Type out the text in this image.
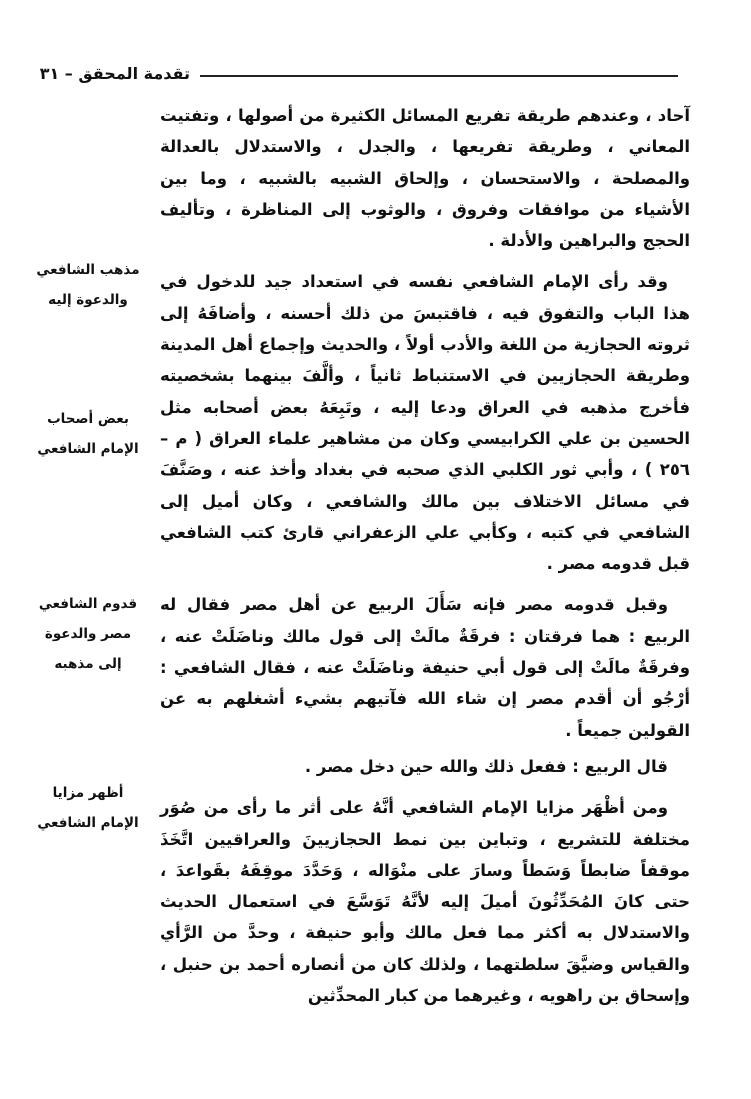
تقدمة المحقق – ٣١

آحاد ، وعندهم طريقة تفريع المسائل الكثيرة من أصولها ، وتفتيت المعاني ، وطريقة تفريعها ، والجدل ، والاستدلال بالعدالة والمصلحة ، والاستحسان ، وإلحاق الشبيه بالشبيه ، وما بين الأشياء من موافقات وفروق ، والوثوب إلى المناظرة ، وتأليف الحجج والبراهين والأدلة .

وقد رأى الإمام الشافعي نفسه في استعداد جيد للدخول في هذا الباب والتفوق فيه ، فاقتبسَ من ذلك أحسنه ، وأضافَهُ إلى ثروته الحجازية من اللغة والأدب أولاً ، والحديث وإجماع أهل المدينة وطريقة الحجازيين في الاستنباط ثانياً ، وألَّفَ بينهما بشخصيته فأخرج مذهبه في العراق ودعا إليه ، وتَبِعَهُ بعض أصحابه مثل الحسين بن علي الكرابيسي وكان من مشاهير علماء العراق ( م – ٢٥٦ ) ، وأبي ثور الكلبي الذي صحبه في بغداد وأخذ عنه ، وصَنَّفَ في مسائل الاختلاف بين مالك والشافعي ، وكان أميل إلى الشافعي في كتبه ، وكأبي علي الزعفراني قارئ كتب الشافعي قبل قدومه مصر .

وقبل قدومه مصر فإنه سَأَلَ الربيع عن أهل مصر فقال له الربيع : هما فرقتان : فرقَةٌ مالَتْ إلى قول مالك وناضَلَتْ عنه ، وفرقَةٌ مالَتْ إلى قول أبي حنيفة وناضَلَتْ عنه ، فقال الشافعي : أرْجُو أن أقدم مصر إن شاء الله فآتيهم بشيء أشغلهم به عن القولين جميعاً .

قال الربيع : ففعل ذلك والله حين دخل مصر .

ومن أظْهَر مزايا الإمام الشافعي أنَّهُ على أثر ما رأى من صُوَر مختلفة للتشريع ، وتباين بين نمط الحجازيينَ والعراقيين اتَّخَذَ موقفاً ضابطاً وَسَطاً وسارَ على منْوَاله ، وَحَدَّدَ موقِفَهُ بقَواعدَ ، حتى كانَ المُحَدِّثُونَ أميلَ إليه لأنَّهُ تَوَسَّعَ في استعمال الحديث والاستدلال به أكثر مما فعل مالك وأبو حنيفة ، وحدَّ من الرَّأي والقياس وضيَّقَ سلطتهما ، ولذلك كان من أنصاره أحمد بن حنبل ، وإسحاق بن راهويه ، وغيرهما من كبار المحدِّثين

مذهب الشافعي
والدعوة إليه
بعض أصحاب
الإمام الشافعي
قدوم الشافعي
مصر والدعوة
إلى مذهبه
أظهر مزايا
الإمام الشافعي
